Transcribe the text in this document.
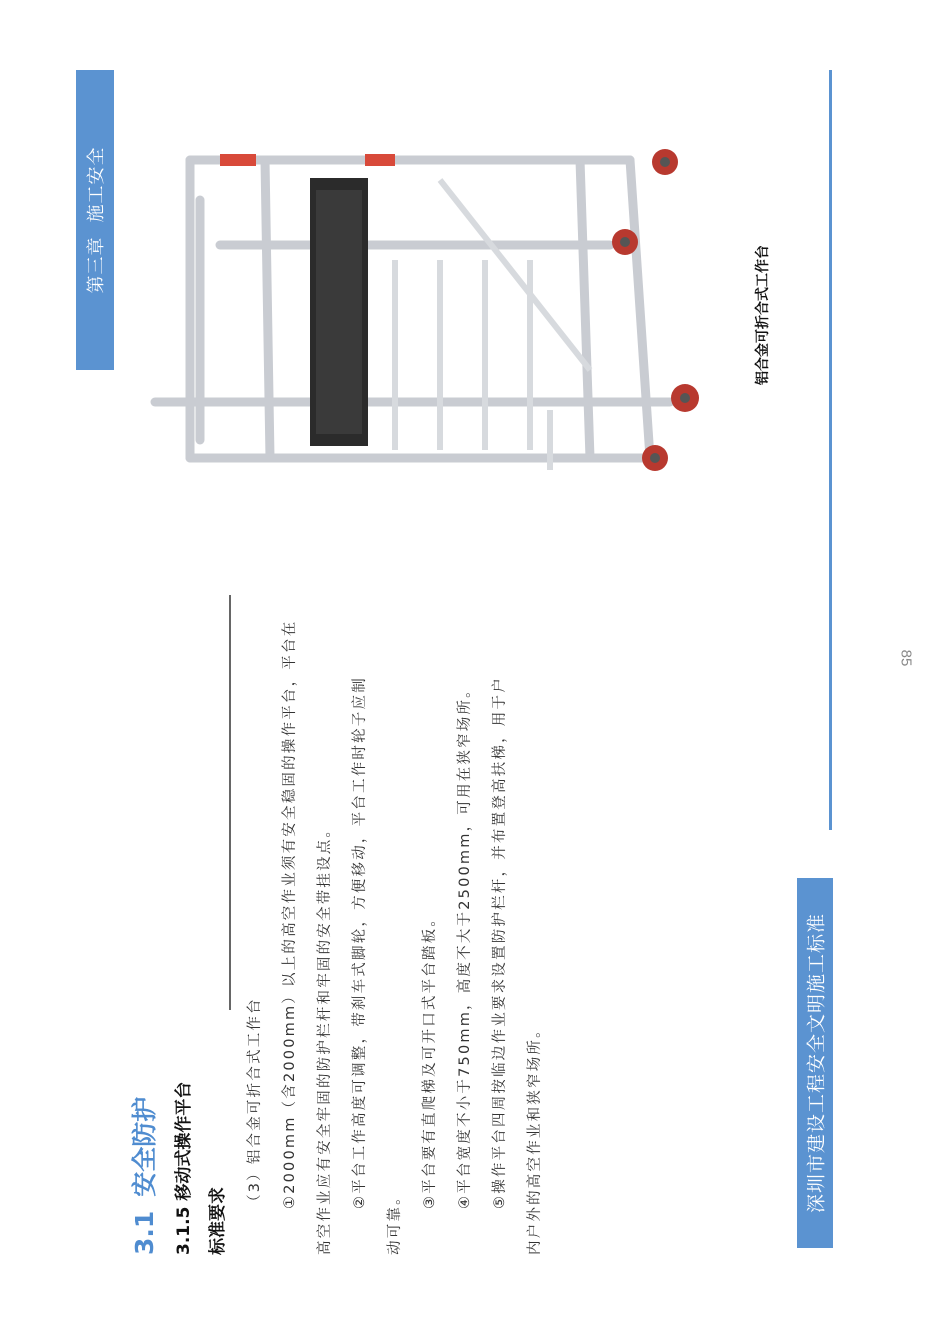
第三章施工安全
深圳市建设工程安全文明施工标准
85
3.1安全防护 3.1.5 移动式操作平台 标准要求
（3）铝合金可折合式工作台 ①2000mm（含2000mm）以上的高空作业须有安全稳固的操作平台，平台在 高空作业应有安全牢固的防护栏杆和牢固的安全带挂设点。 ②平台工作高度可调整，带刹车式脚轮，方便移动，平台工作时轮子应制
动可靠。
③平台要有直爬梯及可开口式平台踏板。 ④平台宽度不小于750mm，高度不大于2500mm，可用在狭窄场所。 ⑤操作平台四周按临边作业要求设置防护栏杆，并布置登高扶梯，用于户 内户外的高空作业和狭窄场所。
铝合金可折合式工作台
